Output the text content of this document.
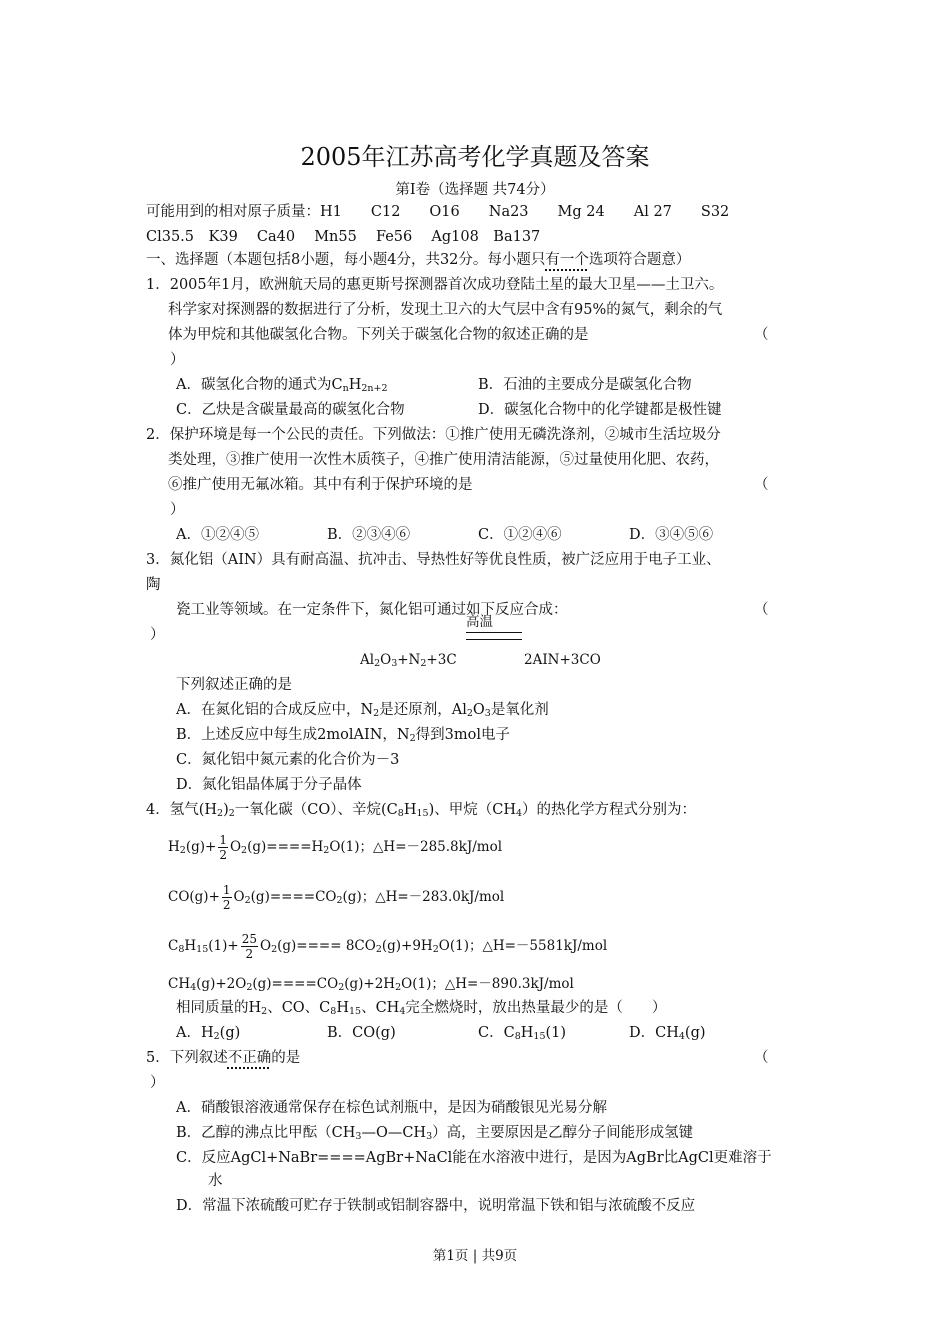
2005年江苏高考化学真题及答案
第Ⅰ卷（选择题 共74分）
可能用到的相对原子质量：H1　　C12　　O16　　Na23　　Mg 24　　Al 27　　S32
Cl35.5　K39　 Ca40　 Mn55　 Fe56　 Ag108　Ba137
一、选择题（本题包括8小题，每小题4分，共32分。每小题只有一个选项符合题意）
1．2005年1月，欧洲航天局的惠更斯号探测器首次成功登陆土星的最大卫星——土卫六。
科学家对探测器的数据进行了分析，发现土卫六的大气层中含有95%的氮气，剩余的气
体为甲烷和其他碳氢化合物。下列关于碳氢化合物的叙述正确的是	（
）
A．碳氢化合物的通式为$C_nH_{2n+2}$	B．石油的主要成分是碳氢化合物
C．乙炔是含碳量最高的碳氢化合物	D．碳氢化合物中的化学键都是极性键
2．保护环境是每一个公民的责任。下列做法：①推广使用无磷洗涤剂，②城市生活垃圾分
类处理，③推广使用一次性木质筷子，④推广使用清洁能源，⑤过量使用化肥、农药，
⑥推广使用无氟冰箱。其中有利于保护环境的是	（
）
A．①②④⑤	B．②③④⑥	C．①②④⑥	D．③④⑤⑥
3．氮化铝（AIN）具有耐高温、抗冲击、导热性好等优良性质，被广泛应用于电子工业、
陶
瓷工业等领域。在一定条件下，氮化铝可通过如下反应合成：	（
）
高温
$Al_2O_3+N_2+3C$	2AIN+3CO
下列叙述正确的是
A．在氮化铝的合成反应中，$N_2$是还原剂，$Al_2O_3$是氧化剂
B．上述反应中每生成2molAIN，$N_2$得到3mol电子
C．氮化铝中氮元素的化合价为－3
D．氮化铝晶体属于分子晶体
4．氢气$(H_2)_2$一氧化碳（CO）、辛烷$(C_8H_{15})$、甲烷$(CH_4)$的热化学方程式分别为：
$H_2(g)+ \frac{1}{2} O_2(g)====H_2O(1)$；△H=－285.8kJ/mol
$CO(g)+ \frac{1}{2} O_2(g)====CO_2(g)$；△H=－283.0kJ/mol
$C_8H_{15}(1)+ \frac{25}{2} O_2(g)==== 8CO_2(g)+9H_2O(1)$；△H=－5581kJ/mol
$CH_4(g)+2O_2(g)====CO_2(g)+2H_2O(1)$；△H=－890.3kJ/mol
相同质量的$H_2$、CO、$C_8H_{15}$、$CH_4$完全燃烧时，放出热量最少的是（　　）
A．$H_2(g)$	B．CO(g)	C．$C_8H_{15}(1)$	D．$CH_4(g)$
5．下列叙述不正确的是	（
）
A．硝酸银溶液通常保存在棕色试剂瓶中，是因为硝酸银见光易分解
B．乙醇的沸点比甲酝$(CH_3—O—CH_3)$高，主要原因是乙醇分子间能形成氢键
C．反应AgCl+NaBr====AgBr+NaCl能在水溶液中进行，是因为AgBr比AgCl更难溶于
水
D．常温下浓硫酸可贮存于铁制或铝制容器中，说明常温下铁和铝与浓硫酸不反应
第1页 | 共9页
